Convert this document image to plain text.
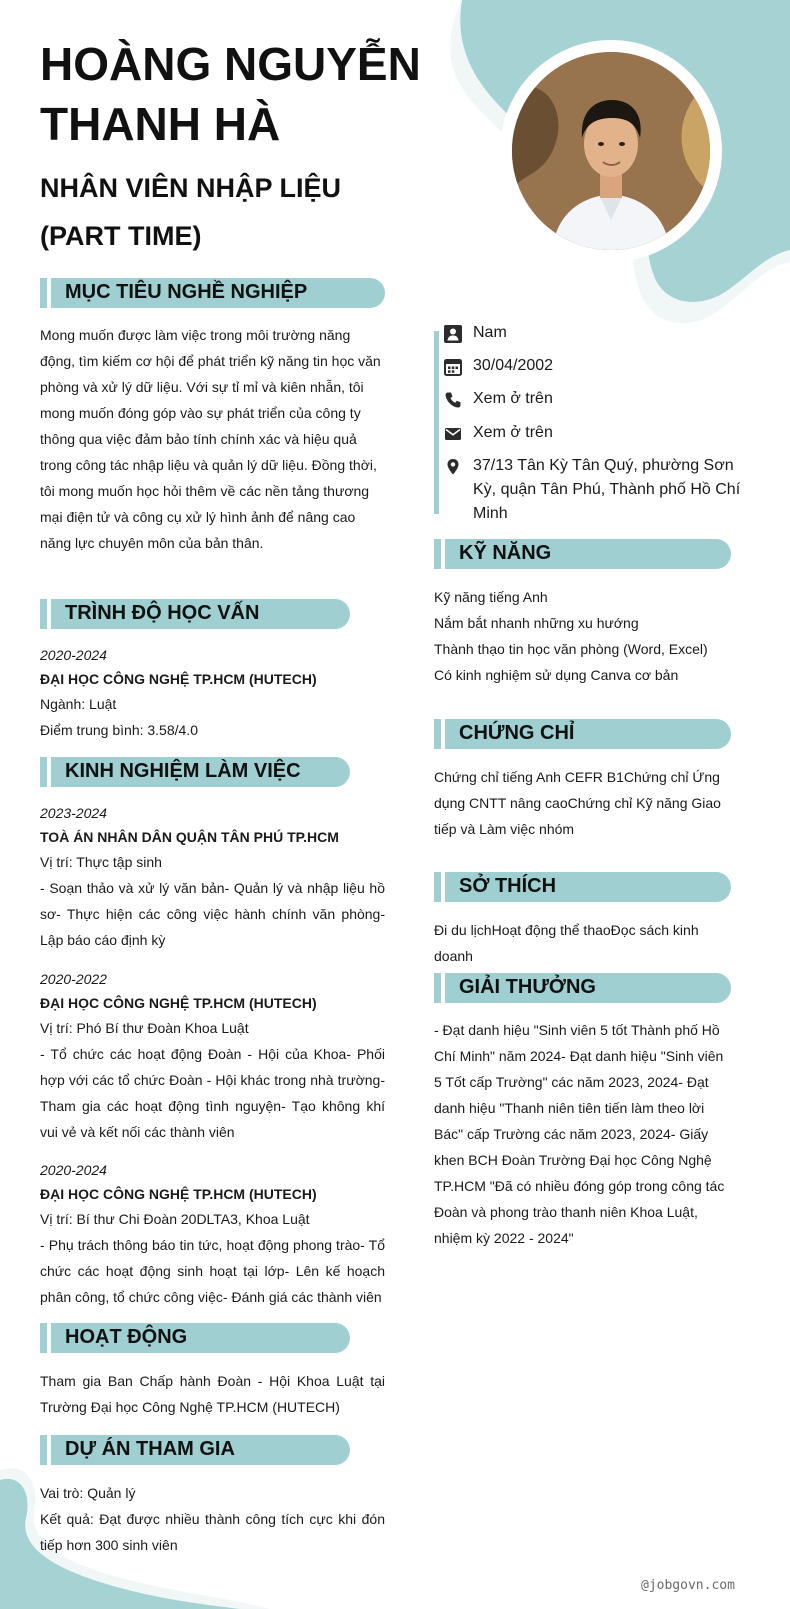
HOÀNG NGUYỄN
THANH HÀ
NHÂN VIÊN NHẬP LIỆU
(PART TIME)
MỤC TIÊU NGHỀ NGHIỆP
Mong muốn được làm việc trong môi trường năng động, tìm kiếm cơ hội để phát triển kỹ năng tin học văn phòng và xử lý dữ liệu. Với sự tỉ mỉ và kiên nhẫn, tôi mong muốn đóng góp vào sự phát triển của công ty thông qua việc đảm bảo tính chính xác và hiệu quả trong công tác nhập liệu và quản lý dữ liệu. Đồng thời, tôi mong muốn học hỏi thêm về các nền tảng thương mại điện tử và công cụ xử lý hình ảnh để nâng cao năng lực chuyên môn của bản thân.
Nam
30/04/2002
Xem ở trên
Xem ở trên
37/13 Tân Kỳ Tân Quý, phường Sơn Kỳ, quận Tân Phú, Thành phố Hồ Chí Minh
TRÌNH ĐỘ HỌC VẤN
2020-2024
ĐẠI HỌC CÔNG NGHỆ TP.HCM (HUTECH)
Ngành: Luật
Điểm trung bình: 3.58/4.0
KINH NGHIỆM LÀM VIỆC
2023-2024
TOÀ ÁN NHÂN DÂN QUẬN TÂN PHÚ TP.HCM
Vị trí: Thực tập sinh
- Soạn thảo và xử lý văn bản- Quản lý và nhập liệu hồ sơ- Thực hiện các công việc hành chính văn phòng- Lập báo cáo định kỳ
2020-2022
ĐẠI HỌC CÔNG NGHỆ TP.HCM (HUTECH)
Vị trí: Phó Bí thư Đoàn Khoa Luật
- Tổ chức các hoạt động Đoàn - Hội của Khoa- Phối hợp với các tổ chức Đoàn - Hội khác trong nhà trường- Tham gia các hoạt động tình nguyện- Tạo không khí vui vẻ và kết nối các thành viên
2020-2024
ĐẠI HỌC CÔNG NGHỆ TP.HCM (HUTECH)
Vị trí: Bí thư Chi Đoàn 20DLTA3, Khoa Luật
- Phụ trách thông báo tin tức, hoạt động phong trào- Tổ chức các hoạt động sinh hoạt tại lớp- Lên kế hoạch phân công, tổ chức công việc- Đánh giá các thành viên
HOẠT ĐỘNG
Tham gia Ban Chấp hành Đoàn - Hội Khoa Luật tại Trường Đại học Công Nghệ TP.HCM (HUTECH)
DỰ ÁN THAM GIA
Vai trò: Quản lý
Kết quả: Đạt được nhiều thành công tích cực khi đón tiếp hơn 300 sinh viên
KỸ NĂNG
Kỹ năng tiếng Anh
Nắm bắt nhanh những xu hướng
Thành thạo tin học văn phòng (Word, Excel)
Có kinh nghiệm sử dụng Canva cơ bản
CHỨNG CHỈ
Chứng chỉ tiếng Anh CEFR B1Chứng chỉ Ứng dụng CNTT nâng caoChứng chỉ Kỹ năng Giao tiếp và Làm việc nhóm
SỞ THÍCH
Đi du lịchHoạt động thể thaoĐọc sách kinh doanh
GIẢI THƯỞNG
- Đạt danh hiệu "Sinh viên 5 tốt Thành phố Hồ Chí Minh" năm 2024- Đạt danh hiệu "Sinh viên 5 Tốt cấp Trường" các năm 2023, 2024- Đạt danh hiệu "Thanh niên tiên tiến làm theo lời Bác" cấp Trường các năm 2023, 2024- Giấy khen BCH Đoàn Trường Đại học Công Nghệ TP.HCM "Đã có nhiều đóng góp trong công tác Đoàn và phong trào thanh niên Khoa Luật, nhiệm kỳ 2022 - 2024"
@jobgovn.com
